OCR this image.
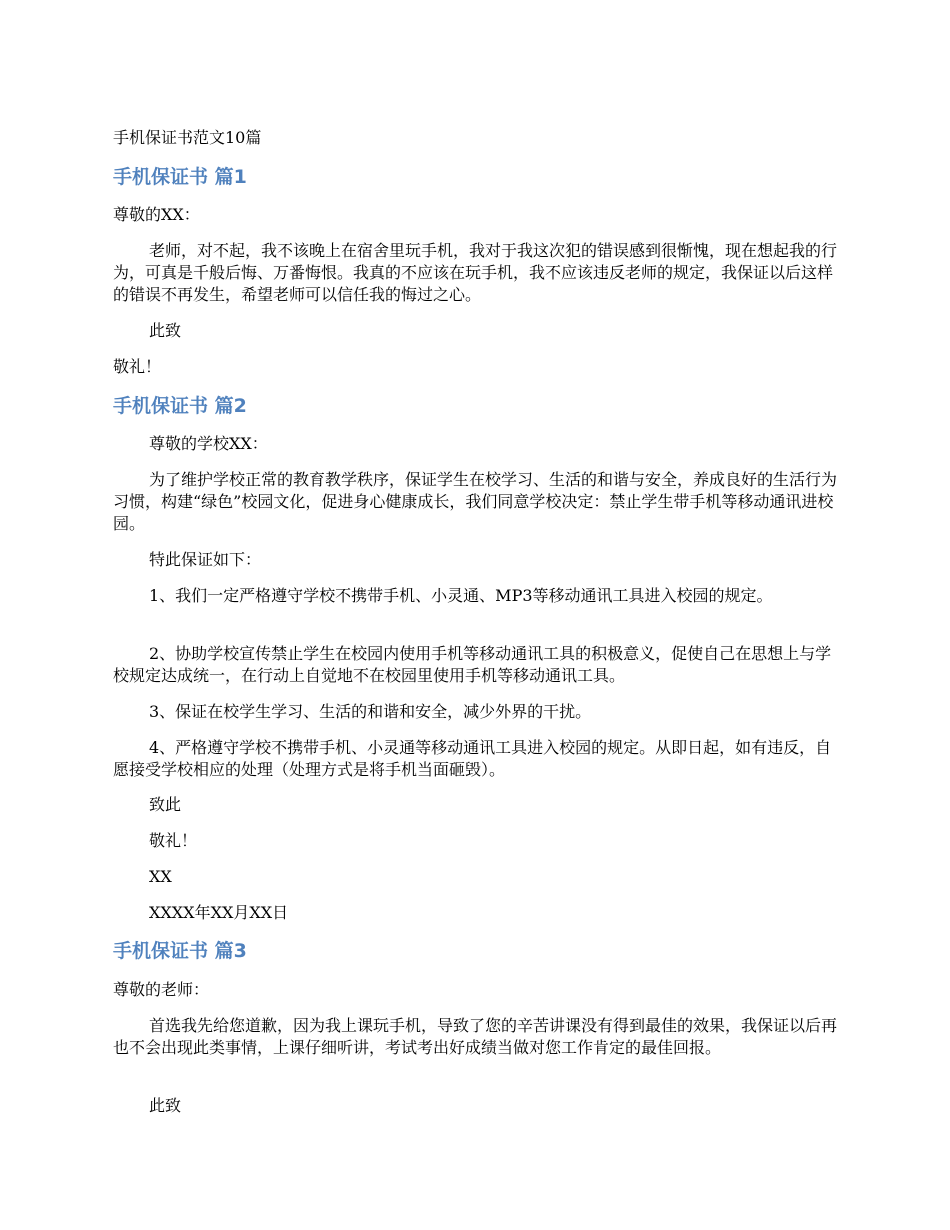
手机保证书范文10篇
手机保证书 篇1

尊敬的XX：

老师，对不起，我不该晚上在宿舍里玩手机，我对于我这次犯的错误感到很惭愧，现在想起我的行为，可真是千般后悔、万番悔恨。我真的不应该在玩手机，我不应该违反老师的规定，我保证以后这样的错误不再发生，希望老师可以信任我的悔过之心。

此致

敬礼！

手机保证书 篇2

尊敬的学校XX：

为了维护学校正常的教育教学秩序，保证学生在校学习、生活的和谐与安全，养成良好的生活行为习惯，构建“绿色”校园文化，促进身心健康成长，我们同意学校决定：禁止学生带手机等移动通讯进校园。

特此保证如下：

1、我们一定严格遵守学校不携带手机、小灵通、MP3等移动通讯工具进入校园的规定。

2、协助学校宣传禁止学生在校园内使用手机等移动通讯工具的积极意义，促使自己在思想上与学校规定达成统一，在行动上自觉地不在校园里使用手机等移动通讯工具。

3、保证在校学生学习、生活的和谐和安全，减少外界的干扰。

4、严格遵守学校不携带手机、小灵通等移动通讯工具进入校园的规定。从即日起，如有违反，自愿接受学校相应的处理（处理方式是将手机当面砸毁）。

致此

敬礼！

XX

XXXX年XX月XX日

手机保证书 篇3

尊敬的老师：

首选我先给您道歉，因为我上课玩手机，导致了您的辛苦讲课没有得到最佳的效果，我保证以后再也不会出现此类事情，上课仔细听讲，考试考出好成绩当做对您工作肯定的最佳回报。

此致
